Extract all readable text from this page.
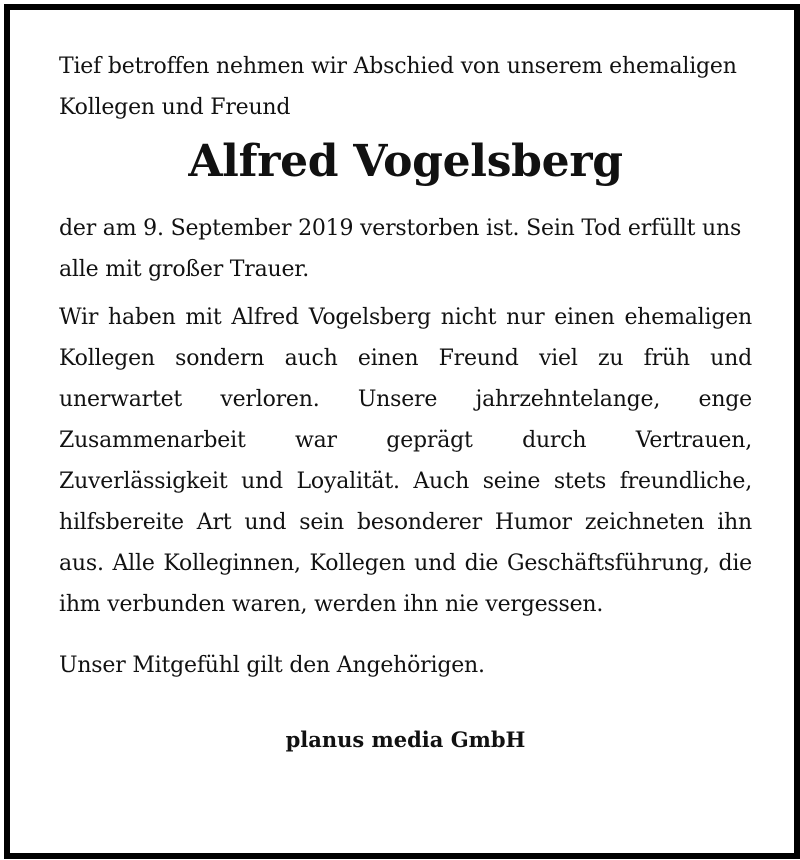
Tief betroffen nehmen wir Abschied von unserem ehemaligen Kollegen und Freund

Alfred Vogelsberg

der am 9. September 2019 verstorben ist. Sein Tod erfüllt uns alle mit großer Trauer.

Wir haben mit Alfred Vogelsberg nicht nur einen ehemaligen Kollegen sondern auch einen Freund viel zu früh und unerwartet verloren. Unsere jahrzehntelange, enge Zusammenarbeit war geprägt durch Vertrauen, Zuverlässigkeit und Loyalität. Auch seine stets freundliche, hilfsbereite Art und sein besonderer Humor zeichneten ihn aus. Alle Kolleginnen, Kollegen und die Geschäftsführung, die ihm verbunden waren, werden ihn nie vergessen.

Unser Mitgefühl gilt den Angehörigen.

planus media GmbH
